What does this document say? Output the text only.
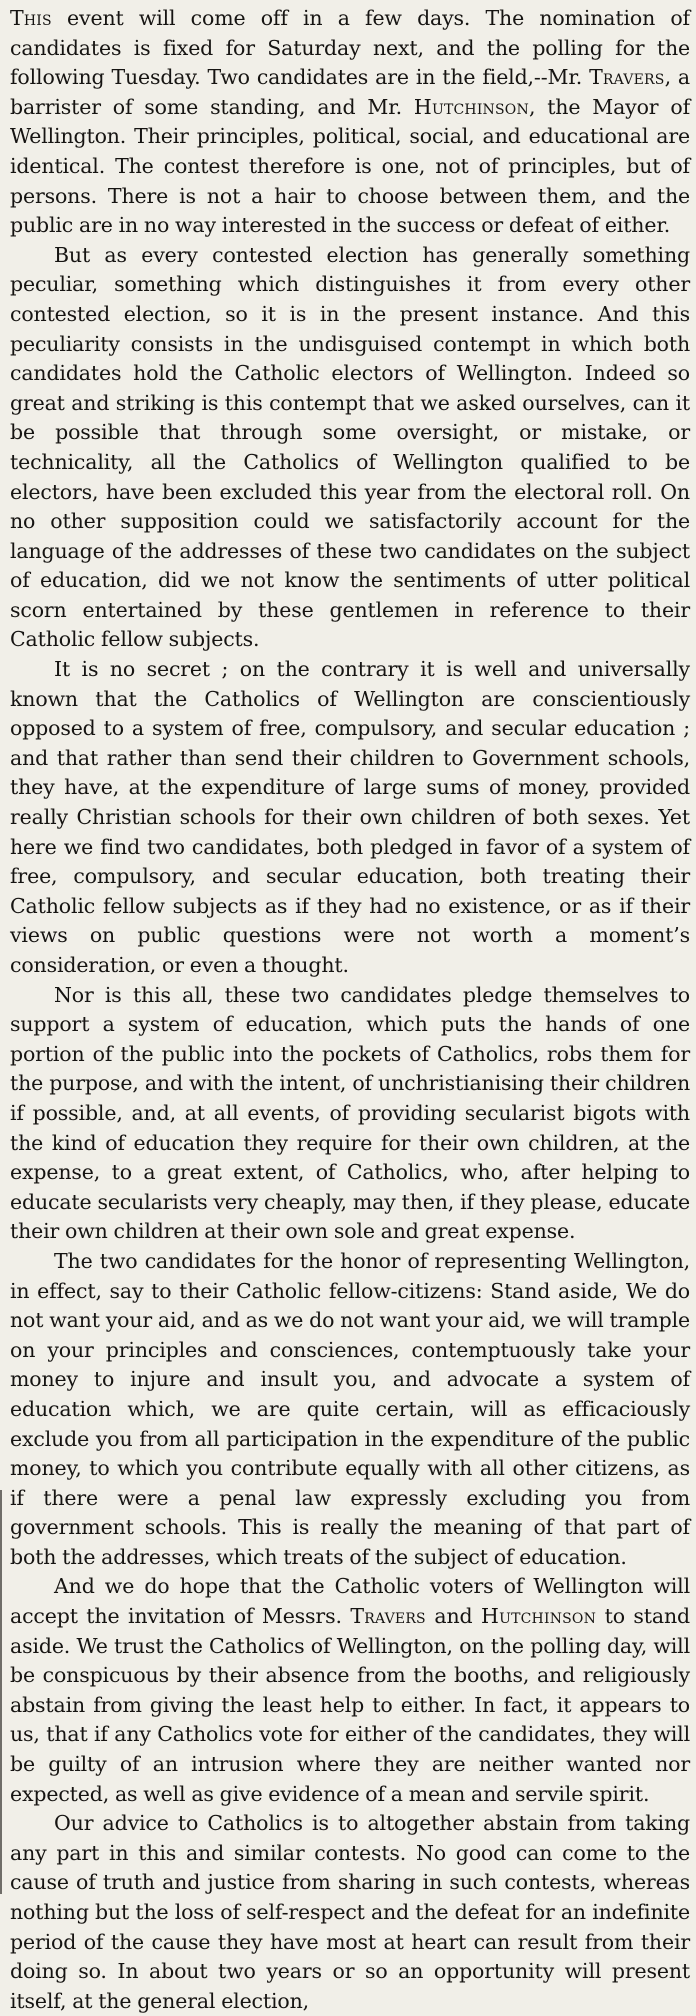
This event will come off in a few days. The nomination of candidates is fixed for Saturday next, and the polling for the following Tuesday. Two candidates are in the field,--Mr. Travers, a barrister of some standing, and Mr. Hutchinson, the Mayor of Wellington. Their principles, political, social, and educational are identical. The contest therefore is one, not of principles, but of persons. There is not a hair to choose between them, and the public are in no way interested in the success or defeat of either.

But as every contested election has generally something peculiar, something which distinguishes it from every other contested election, so it is in the present instance. And this peculiarity consists in the undisguised contempt in which both candidates hold the Catholic electors of Wellington. Indeed so great and striking is this contempt that we asked ourselves, can it be possible that through some oversight, or mistake, or technicality, all the Catholics of Wellington qualified to be electors, have been excluded this year from the electoral roll. On no other supposition could we satisfactorily account for the language of the addresses of these two candidates on the subject of education, did we not know the sentiments of utter political scorn entertained by these gentlemen in reference to their Catholic fellow subjects.

It is no secret ; on the contrary it is well and universally known that the Catholics of Wellington are conscientiously opposed to a system of free, compulsory, and secular education ; and that rather than send their children to Government schools, they have, at the expenditure of large sums of money, provided really Christian schools for their own children of both sexes. Yet here we find two candidates, both pledged in favor of a system of free, compulsory, and secular education, both treating their Catholic fellow subjects as if they had no existence, or as if their views on public questions were not worth a moment’s consideration, or even a thought.

Nor is this all, these two candidates pledge themselves to support a system of education, which puts the hands of one portion of the public into the pockets of Catholics, robs them for the purpose, and with the intent, of unchristianising their children if possible, and, at all events, of providing secularist bigots with the kind of education they require for their own children, at the expense, to a great extent, of Catholics, who, after helping to educate secularists very cheaply, may then, if they please, educate their own children at their own sole and great expense.

The two candidates for the honor of representing Wellington, in effect, say to their Catholic fellow-citizens: Stand aside, We do not want your aid, and as we do not want your aid, we will trample on your principles and consciences, contemptuously take your money to injure and insult you, and advocate a system of education which, we are quite certain, will as efficaciously exclude you from all participation in the expenditure of the public money, to which you contribute equally with all other citizens, as if there were a penal law expressly excluding you from government schools. This is really the meaning of that part of both the addresses, which treats of the subject of education.

And we do hope that the Catholic voters of Wellington will accept the invitation of Messrs. Travers and Hutchinson to stand aside. We trust the Catholics of Wellington, on the polling day, will be conspicuous by their absence from the booths, and religiously abstain from giving the least help to either. In fact, it appears to us, that if any Catholics vote for either of the candidates, they will be guilty of an intrusion where they are neither wanted nor expected, as well as give evidence of a mean and servile spirit.

Our advice to Catholics is to altogether abstain from taking any part in this and similar contests. No good can come to the cause of truth and justice from sharing in such contests, whereas nothing but the loss of self-respect and the defeat for an indefinite period of the cause they have most at heart can result from their doing so. In about two years or so an opportunity will present itself, at the general election,
